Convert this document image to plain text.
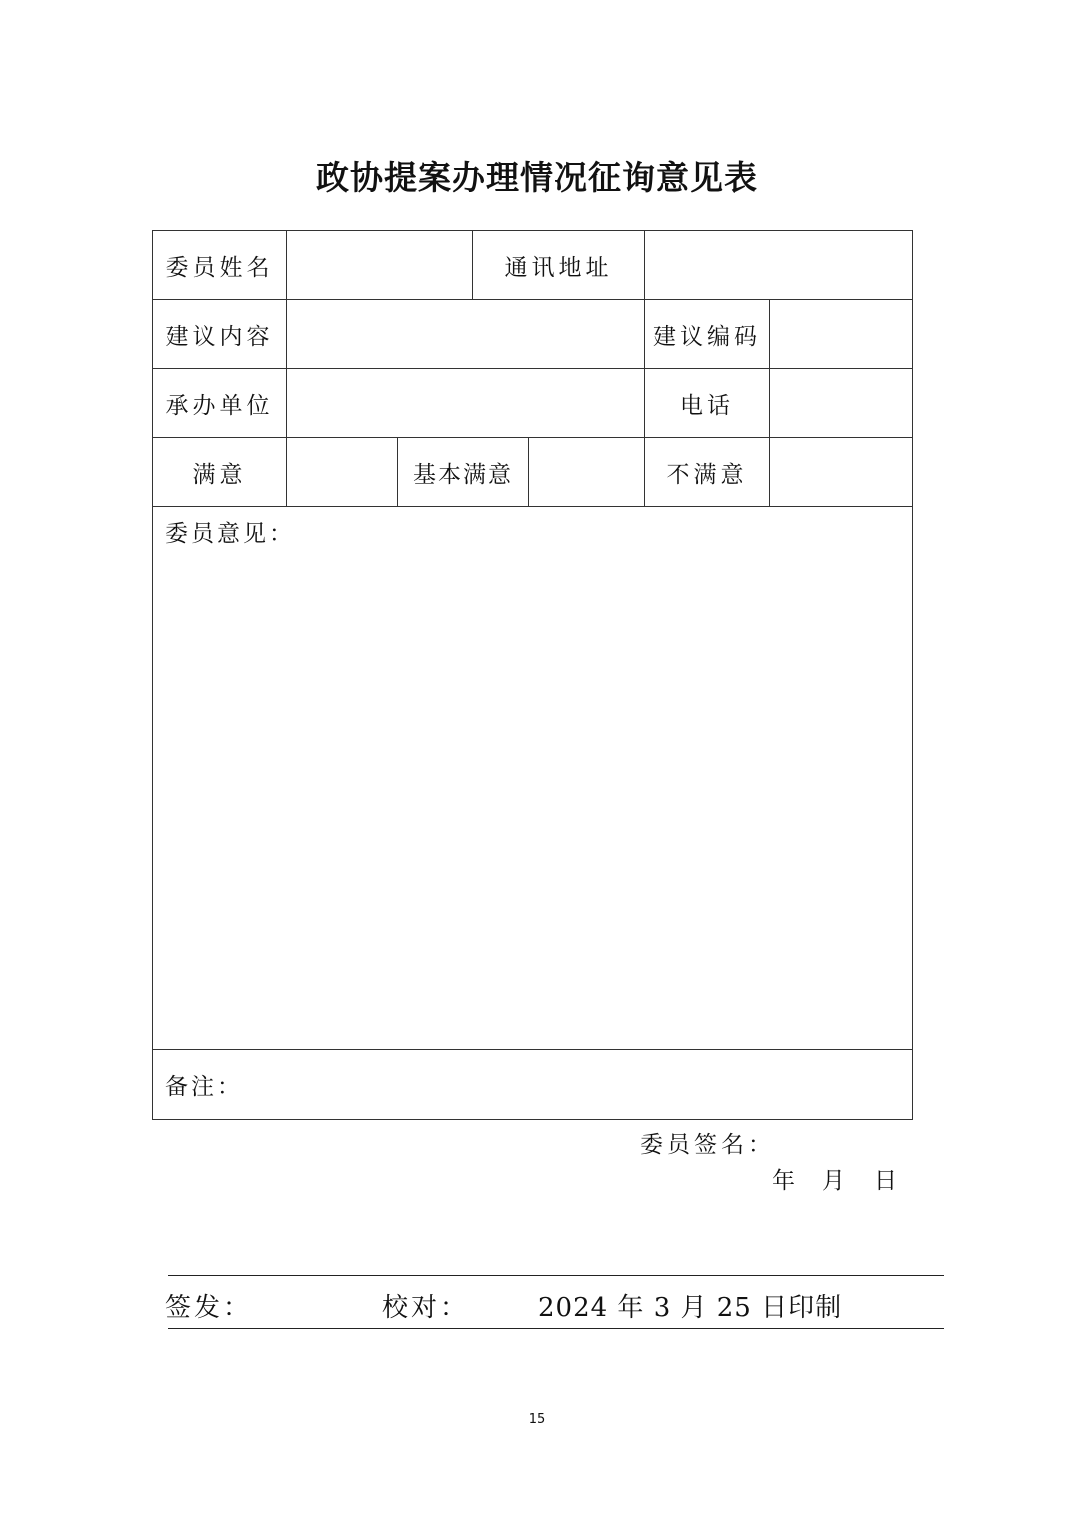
政协提案办理情况征询意见表
委员姓名	通讯地址
建议内容	建议编码
承办单位	电话
满意	基本满意	不满意
委员意见：
备注：
委员签名：
年 月 日
签发：	校对：	2024 年 3 月 25 日印制
15
